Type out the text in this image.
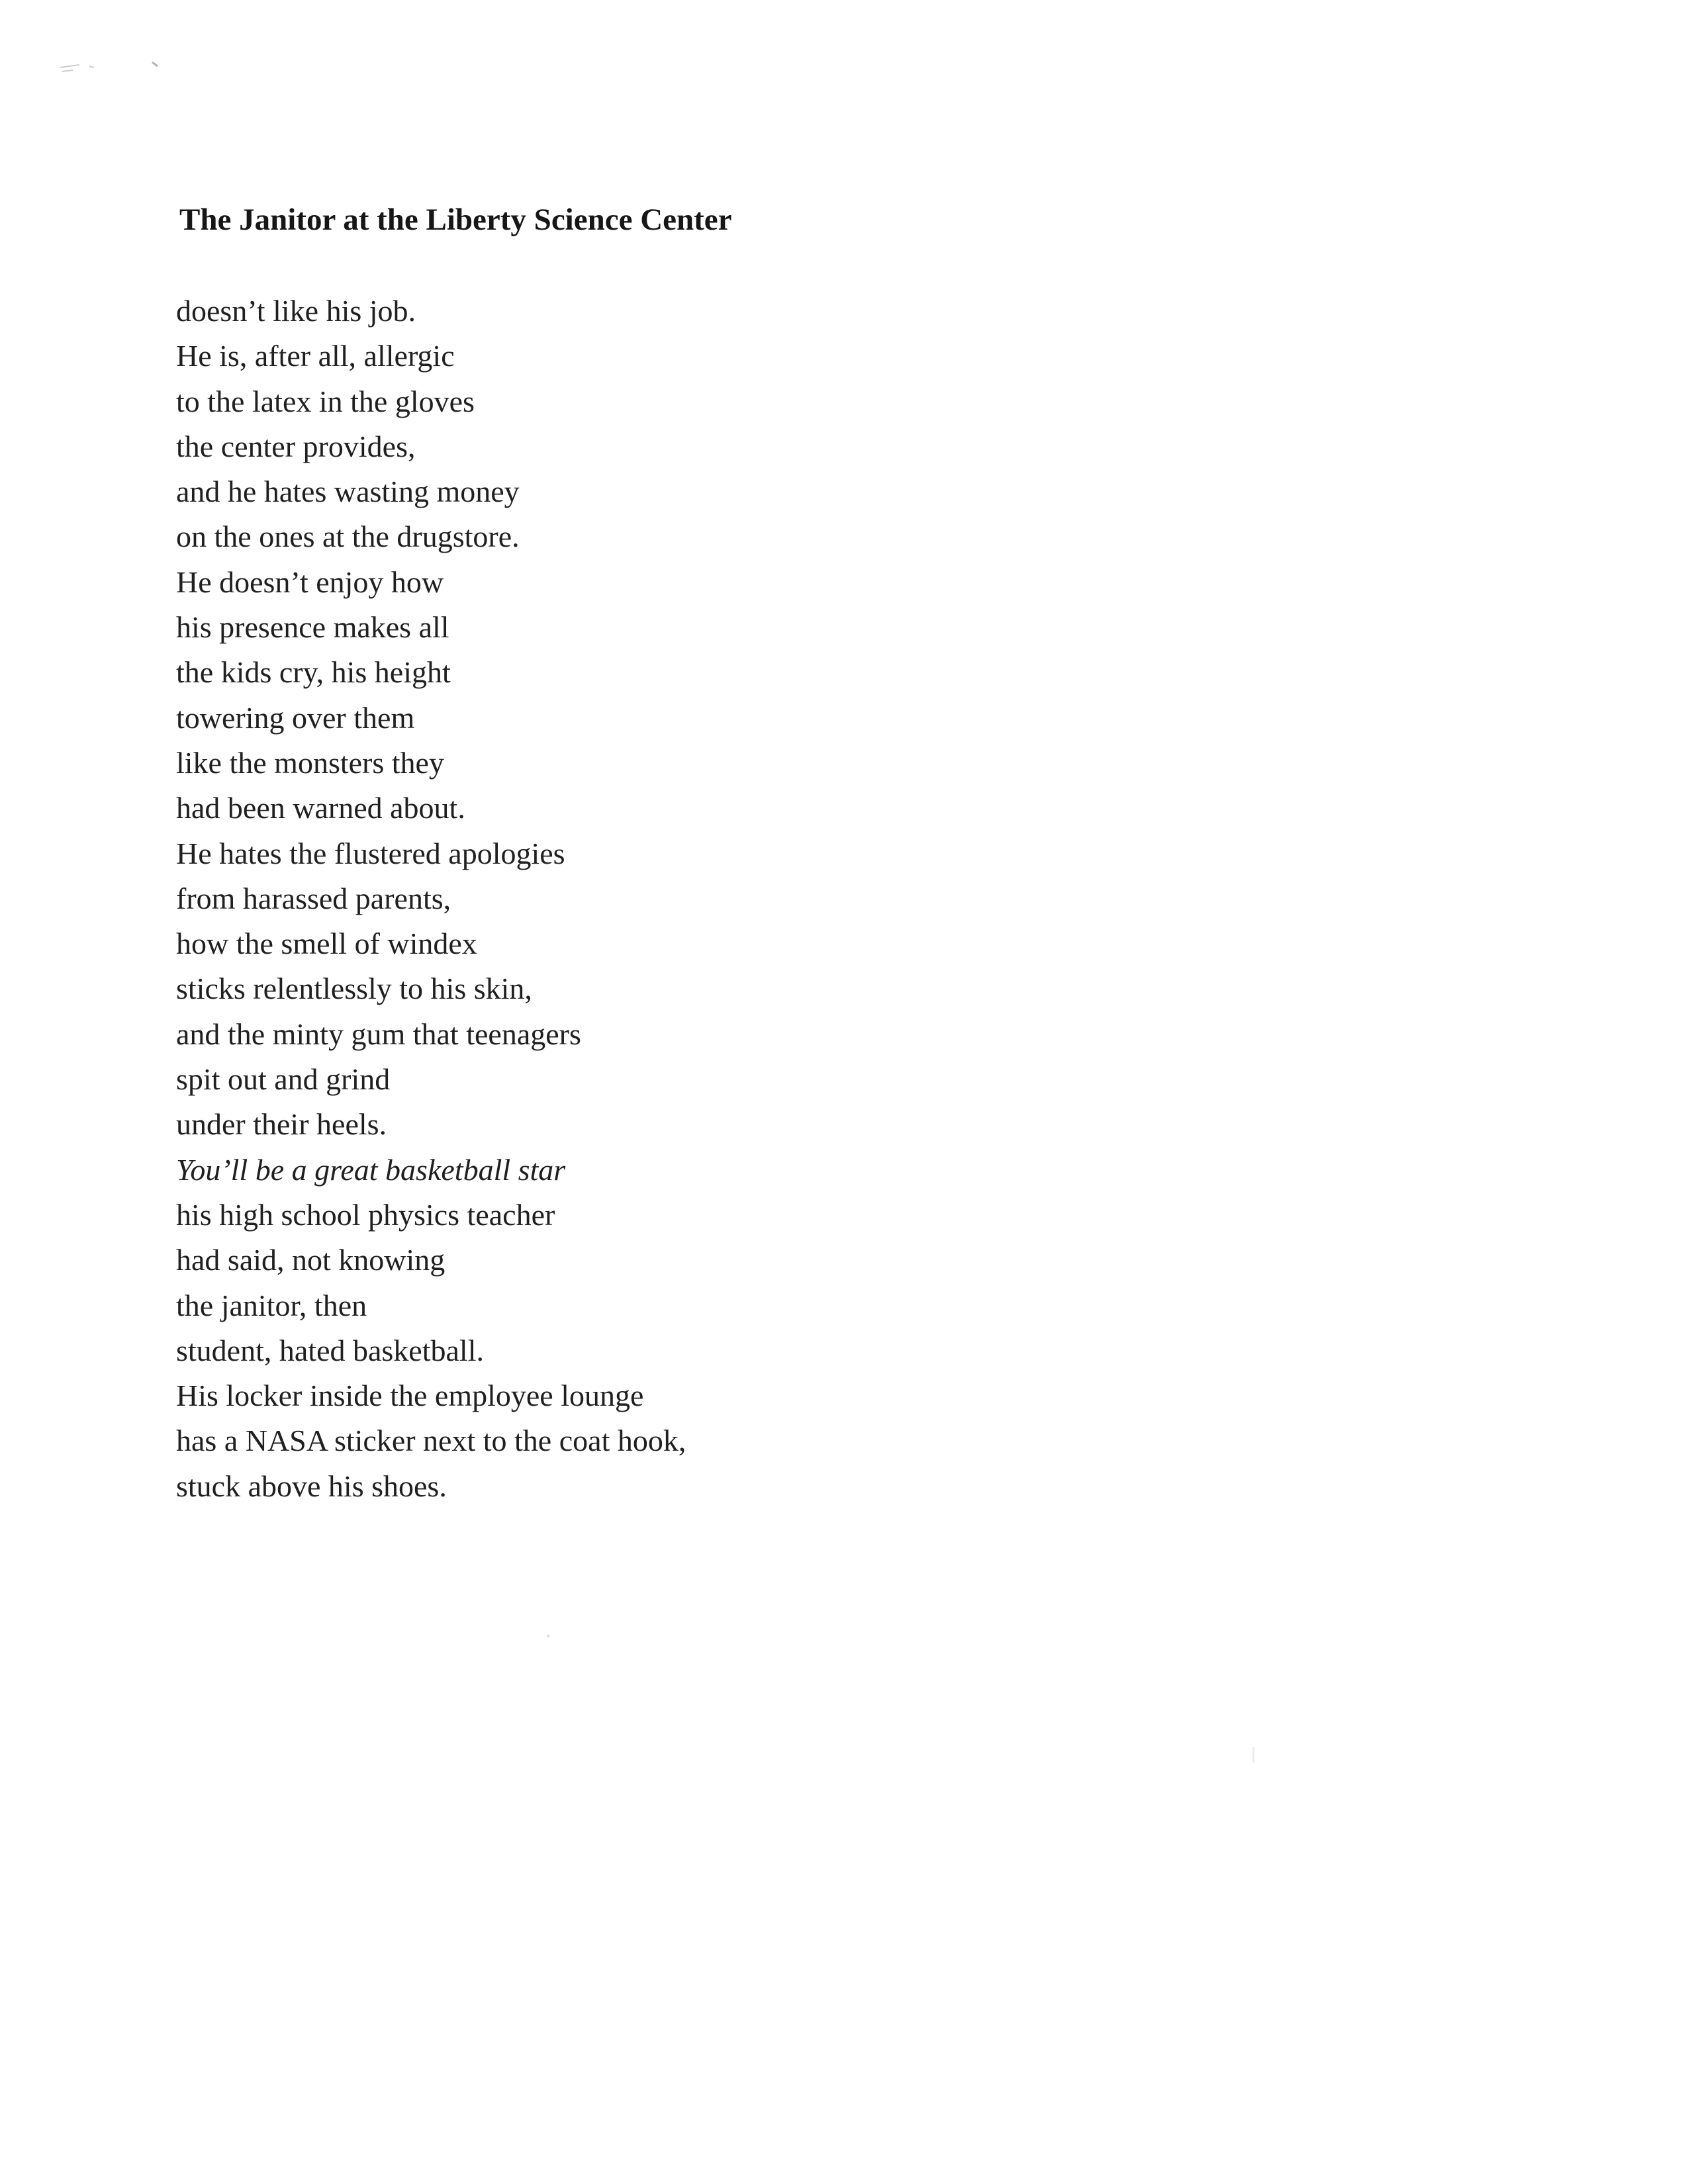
The Janitor at the Liberty Science Center
doesn’t like his job.
He is, after all, allergic
to the latex in the gloves
the center provides,
and he hates wasting money
on the ones at the drugstore.
He doesn’t enjoy how
his presence makes all
the kids cry, his height
towering over them
like the monsters they
had been warned about.
He hates the flustered apologies
from harassed parents,
how the smell of windex
sticks relentlessly to his skin,
and the minty gum that teenagers
spit out and grind
under their heels.
You’ll be a great basketball star
his high school physics teacher
had said, not knowing
the janitor, then
student, hated basketball.
His locker inside the employee lounge
has a NASA sticker next to the coat hook,
stuck above his shoes.
